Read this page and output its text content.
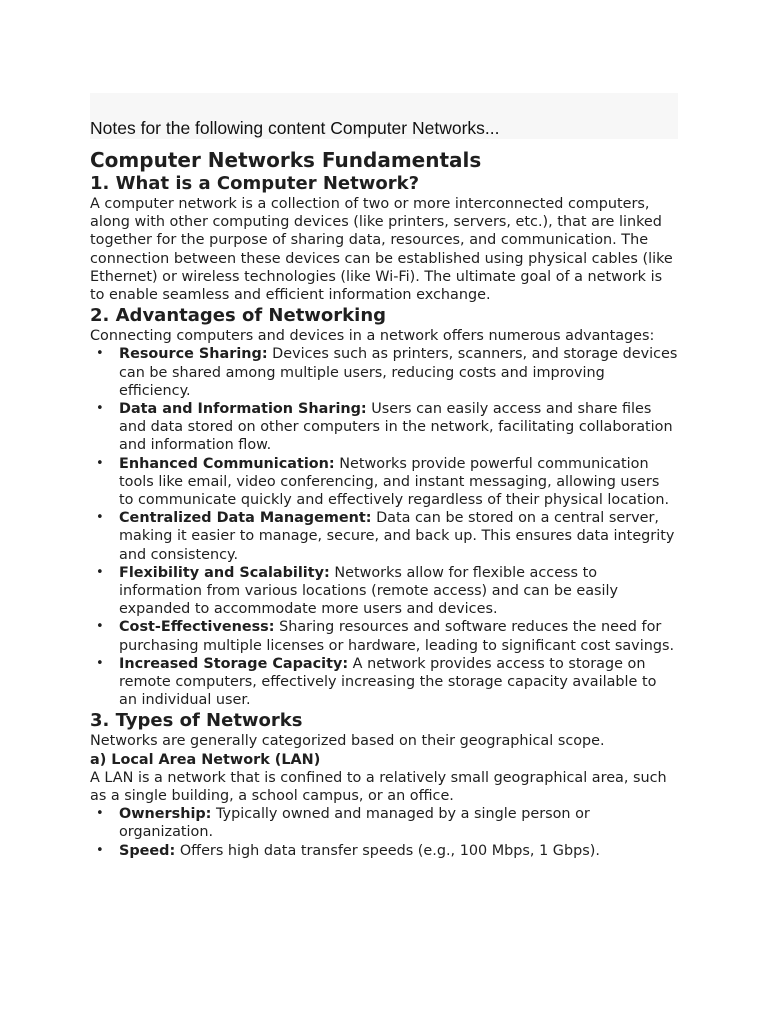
Notes for the following content Computer Networks...
Computer Networks Fundamentals
1. What is a Computer Network?

A computer network is a collection of two or more interconnected computers, along with other computing devices (like printers, servers, etc.), that are linked together for the purpose of sharing data, resources, and communication. The connection between these devices can be established using physical cables (like Ethernet) or wireless technologies (like Wi-Fi). The ultimate goal of a network is to enable seamless and efficient information exchange.

2. Advantages of Networking

Connecting computers and devices in a network offers numerous advantages:

• Resource Sharing: Devices such as printers, scanners, and storage devices can be shared among multiple users, reducing costs and improving efficiency.
• Data and Information Sharing: Users can easily access and share files and data stored on other computers in the network, facilitating collaboration and information flow.
• Enhanced Communication: Networks provide powerful communication tools like email, video conferencing, and instant messaging, allowing users to communicate quickly and effectively regardless of their physical location.
• Centralized Data Management: Data can be stored on a central server, making it easier to manage, secure, and back up. This ensures data integrity and consistency.
• Flexibility and Scalability: Networks allow for flexible access to information from various locations (remote access) and can be easily expanded to accommodate more users and devices.
• Cost-Effectiveness: Sharing resources and software reduces the need for purchasing multiple licenses or hardware, leading to significant cost savings.
• Increased Storage Capacity: A network provides access to storage on remote computers, effectively increasing the storage capacity available to an individual user.
3. Types of Networks

Networks are generally categorized based on their geographical scope.

a) Local Area Network (LAN)

A LAN is a network that is confined to a relatively small geographical area, such as a single building, a school campus, or an office.

• Ownership: Typically owned and managed by a single person or organization.
• Speed: Offers high data transfer speeds (e.g., 100 Mbps, 1 Gbps).
